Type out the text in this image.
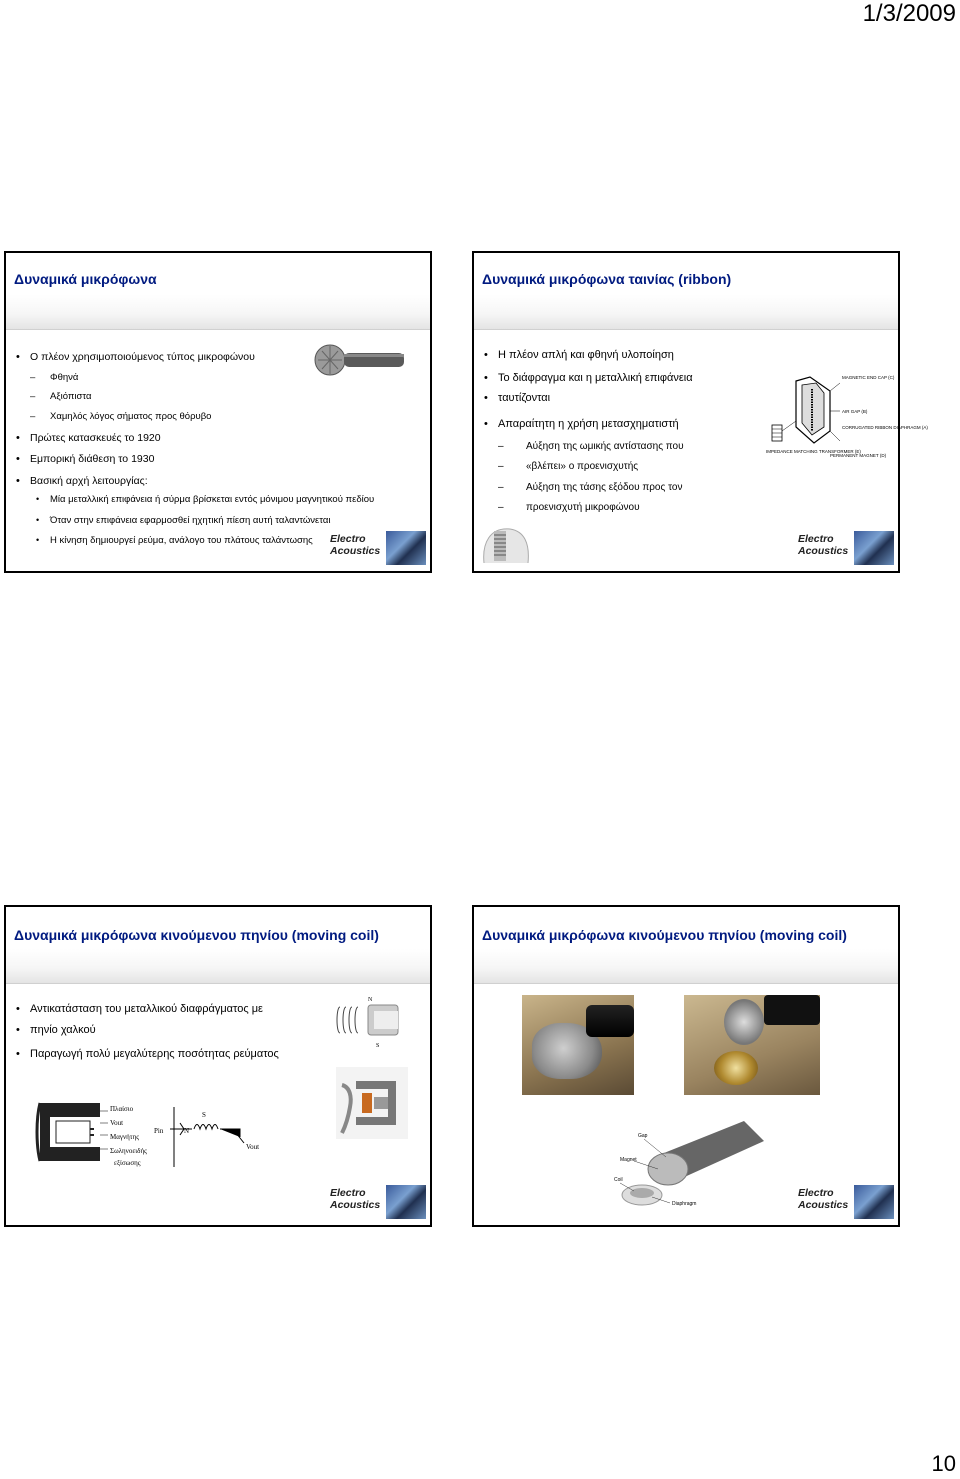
1/3/2009
Δυναμικά μικρόφωνα
• Ο πλέον χρησιμοποιούμενος τύπος μικροφώνου
– Φθηνά
– Αξιόπιστα
– Χαμηλός λόγος σήματος προς θόρυβο
• Πρώτες κατασκευές το 1920
• Εμπορική διάθεση το 1930
• Βασική αρχή λειτουργίας:
• Μία μεταλλική επιφάνεια ή σύρμα βρίσκεται εντός μόνιμου μαγνητικού πεδίου
• Όταν στην επιφάνεια εφαρμοσθεί ηχητική πίεση αυτή ταλαντώνεται
• Η κίνηση δημιουργεί ρεύμα, ανάλογο του πλάτους ταλάντωσης Electro Acoustics
Δυναμικά μικρόφωνα ταινίας (ribbon)
• Η πλέον απλή και φθηνή υλοποίηση
• Το διάφραγμα και η μεταλλική επιφάνεια
• ταυτίζονται
• Απαραίτητη η χρήση μετασχηματιστή
– Αύξηση της ωμικής αντίστασης που
– «βλέπει» ο προενισχυτής
– Αύξηση της τάσης εξόδου προς τον
– προενισχυτή μικροφώνου
MAGNETIC END CAP (C)
AIR GAP (B)
CORRUGATED RIBBON DIAPHRAGM (A)
IMPEDANCE MATCHING TRANSFORMER (E)
PERMANENT MAGNET (D)
Electro Acoustics
Δυναμικά μικρόφωνα κινούμενου πηνίου (moving coil)
• Αντικατάσταση του μεταλλικού διαφράγματος με
• πηνίο χαλκού
• Παραγωγή πολύ μεγαλύτερης ποσότητας ρεύματος
N
S
Πλαίσιο
Vout
Μαγνήτης
Σωληνοειδής
εξίσωσης
Pin
S
N
Vout
Electro Acoustics
Δυναμικά μικρόφωνα κινούμενου πηνίου (moving coil)
Gap
Magnet
Coil
Diaphragm
Electro Acoustics
10
